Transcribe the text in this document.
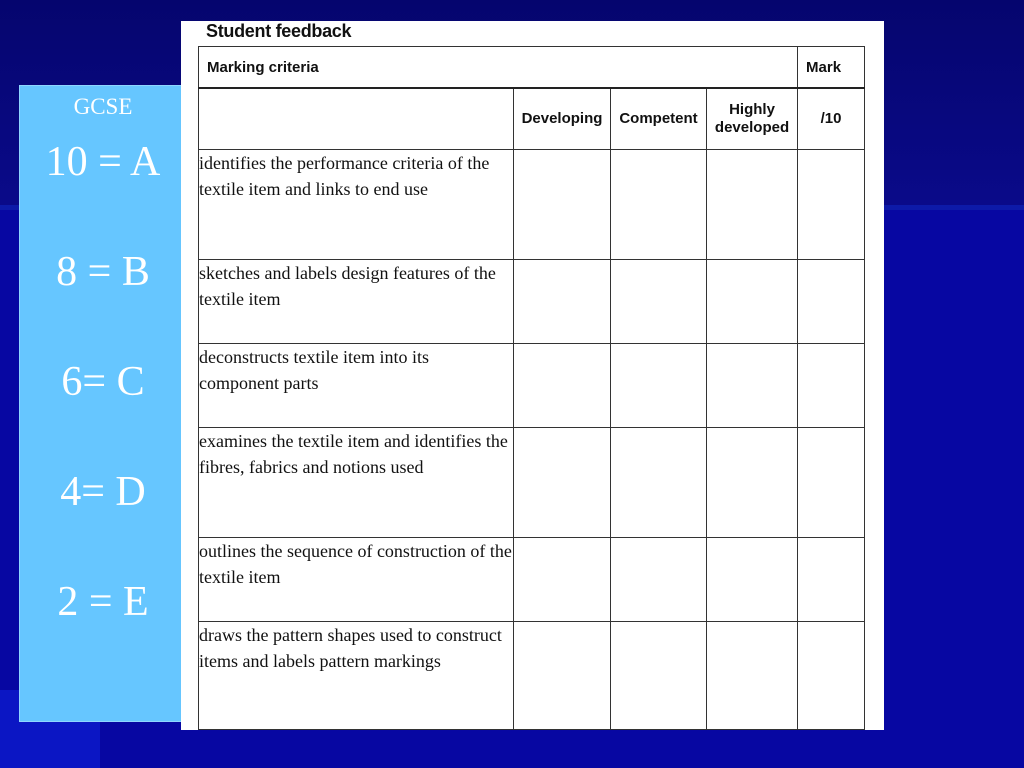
GCSE
10 = A
8 = B
6= C
4= D
2 = E
Student feedback
Marking criteria				Mark
	Developing	Competent	Highly developed	/10
identifies the performance criteria of the textile item and links to end use				
sketches and labels design features of the textile item				
deconstructs textile item into its component parts				
examines the textile item and identifies the fibres, fabrics and notions used				
outlines the sequence of construction of the textile item				
draws the pattern shapes used to construct items and labels pattern markings				
